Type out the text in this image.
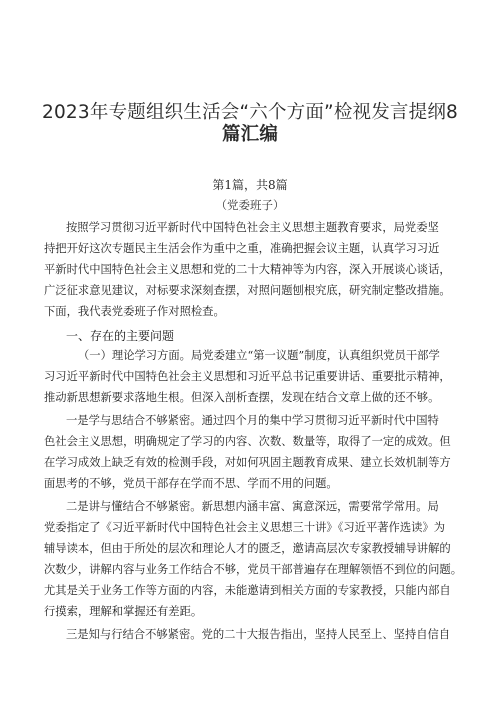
2023年专题组织生活会“六个方面”检视发言提纲8
篇汇编
第1篇，共8篇
（党委班子）
按照学习贯彻习近平新时代中国特色社会主义思想主题教育要求，局党委坚
持把开好这次专题民主生活会作为重中之重，准确把握会议主题，认真学习习近
平新时代中国特色社会主义思想和党的二十大精神等为内容，深入开展谈心谈话，
广泛征求意见建议，对标要求深刻查摆，对照问题刨根究底，研究制定整改措施。
下面，我代表党委班子作对照检查。
一、存在的主要问题
（一）理论学习方面。局党委建立“第一议题”制度，认真组织党员干部学
习习近平新时代中国特色社会主义思想和习近平总书记重要讲话、重要批示精神，
推动新思想新要求落地生根。但深入剖析查摆，发现在结合文章上做的还不够。
一是学与思结合不够紧密。通过四个月的集中学习贯彻习近平新时代中国特
色社会主义思想，明确规定了学习的内容、次数、数量等，取得了一定的成效。但
在学习成效上缺乏有效的检测手段，对如何巩固主题教育成果、建立长效机制等方
面思考的不够，党员干部存在学而不思、学而不用的问题。
二是讲与懂结合不够紧密。新思想内涵丰富、寓意深远，需要常学常用。局
党委指定了《习近平新时代中国特色社会主义思想三十讲》《习近平著作选读》为
辅导读本，但由于所处的层次和理论人才的匮乏，邀请高层次专家教授辅导讲解的
次数少，讲解内容与业务工作结合不够，党员干部普遍存在理解领悟不到位的问题。
尤其是关于业务工作等方面的内容，未能邀请到相关方面的专家教授，只能内部自
行摸索，理解和掌握还有差距。
三是知与行结合不够紧密。党的二十大报告指出，坚持人民至上、坚持自信自
